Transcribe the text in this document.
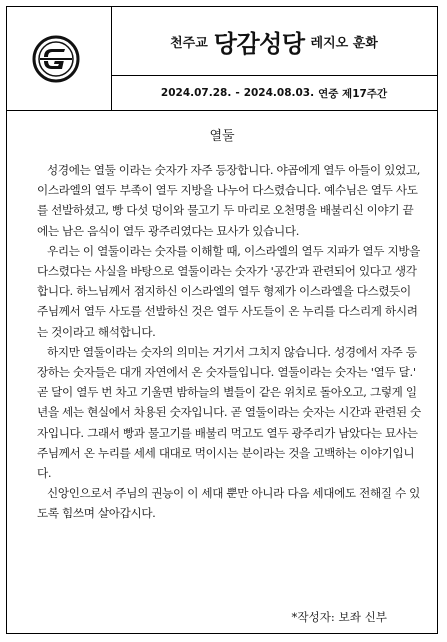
천주교 당감성당 레지오 훈화
2024.07.28. - 2024.08.03. 연중 제17주간
열둘

성경에는 열둘 이라는 숫자가 자주 등장합니다. 야곱에게 열두 아들이 있었고, 이스라엘의 열두 부족이 열두 지방을 나누어 다스렸습니다. 예수님은 열두 사도를 선발하셨고, 빵 다섯 덩이와 물고기 두 마리로 오천명을 배불리신 이야기 끝에는 남은 음식이 열두 광주리였다는 묘사가 있습니다.

우리는 이 열둘이라는 숫자를 이해할 때, 이스라엘의 열두 지파가 열두 지방을 다스렸다는 사실을 바탕으로 열둘이라는 숫자가 '공간'과 관련되어 있다고 생각합니다. 하느님께서 점지하신 이스라엘의 열두 형제가 이스라엘을 다스렸듯이 주님께서 열두 사도를 선발하신 것은 열두 사도들이 온 누리를 다스리게 하시려는 것이라고 해석합니다.

하지만 열둘이라는 숫자의 의미는 거기서 그치지 않습니다. 성경에서 자주 등장하는 숫자들은 대개 자연에서 온 숫자들입니다. 열둘이라는 숫자는 '열두 달.' 곧 달이 열두 번 차고 기울면 밤하늘의 별들이 같은 위치로 돌아오고, 그렇게 일 년을 세는 현실에서 차용된 숫자입니다. 곧 열둘이라는 숫자는 시간과 관련된 숫자입니다. 그래서 빵과 물고기를 배불리 먹고도 열두 광주리가 남았다는 묘사는 주님께서 온 누리를 세세 대대로 먹이시는 분이라는 것을 고백하는 이야기입니다.

신앙인으로서 주님의 권능이 이 세대 뿐만 아니라 다음 세대에도 전해질 수 있도록 힘쓰며 살아갑시다.

*작성자: 보좌 신부
